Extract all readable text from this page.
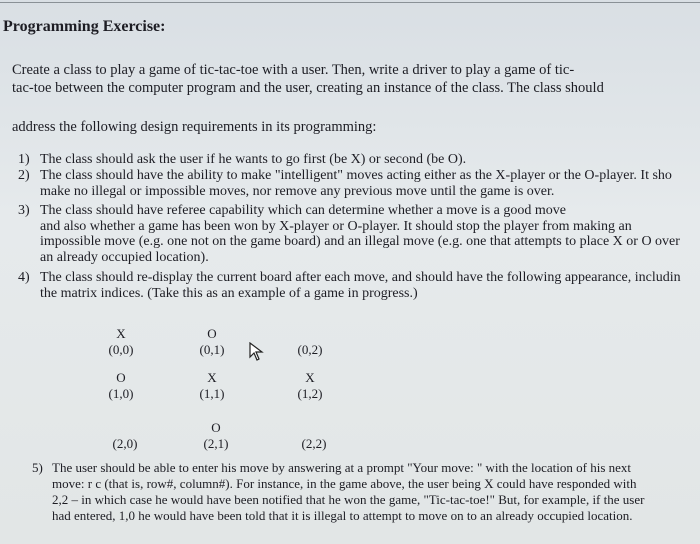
Programming Exercise:
Create a class to play a game of tic-tac-toe with a user. Then, write a driver to play a game of tic-
tac-toe between the computer program and the user, creating an instance of the class. The class should
address the following design requirements in its programming:
1) The class should ask the user if he wants to go first (be X) or second (be O).
2) The class should have the ability to make "intelligent" moves acting either as the X-player or the O-player. It sho
make no illegal or impossible moves, nor remove any previous move until the game is over.
3) The class should have referee capability which can determine whether a move is a good move
and also whether a game has been won by X-player or O-player. It should stop the player from making an
impossible move (e.g. one not on the game board) and an illegal move (e.g. one that attempts to place X or O over
an already occupied location).
4) The class should re-display the current board after each move, and should have the following appearance, includin
the matrix indices. (Take this as an example of a game in progress.)
X
(0,0)
O
(0,1)
	(0,2)
O
(1,0)
X
(1,1)
X
(1,2)

(2,0)
O
(2,1)
	(2,2)
5) The user should be able to enter his move by answering at a prompt "Your move: " with the location of his next
move: r c (that is, row#, column#). For instance, in the game above, the user being X could have responded with
2,2 – in which case he would have been notified that he won the game, "Tic-tac-toe!" But, for example, if the user
had entered, 1,0 he would have been told that it is illegal to attempt to move on to an already occupied location.
